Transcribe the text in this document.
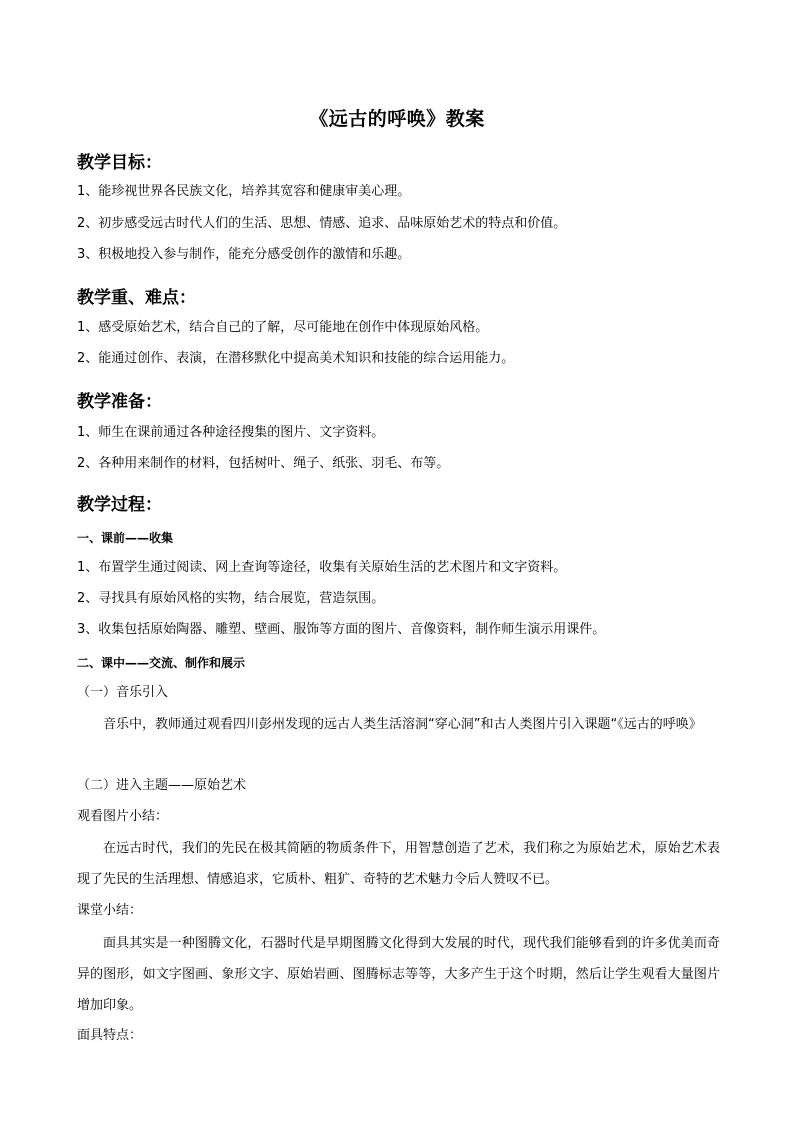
《远古的呼唤》教案
教学目标：

1、能珍视世界各民族文化，培养其宽容和健康审美心理。

2、初步感受远古时代人们的生活、思想、情感、追求、品味原始艺术的特点和价值。

3、积极地投入参与制作，能充分感受创作的激情和乐趣。

教学重、难点：

1、感受原始艺术，结合自己的了解，尽可能地在创作中体现原始风格。

2、能通过创作、表演，在潜移默化中提高美术知识和技能的综合运用能力。

教学准备：

1、师生在课前通过各种途径搜集的图片、文字资料。

2、各种用来制作的材料，包括树叶、绳子、纸张、羽毛、布等。

教学过程：
一、课前——收集

1、布置学生通过阅读、网上查询等途径，收集有关原始生活的艺术图片和文字资料。

2、寻找具有原始风格的实物，结合展览，营造氛围。

3、收集包括原始陶器、雕塑、壁画、服饰等方面的图片、音像资料，制作师生演示用课件。

二、课中——交流、制作和展示

（一）音乐引入

音乐中，教师通过观看四川彭州发现的远古人类生活溶洞“穿心洞”和古人类图片引入课题“《远古的呼唤》

（二）进入主题——原始艺术

观看图片小结：

在远古时代，我们的先民在极其简陋的物质条件下，用智慧创造了艺术，我们称之为原始艺术，原始艺术表现了先民的生活理想、情感追求，它质朴、粗犷、奇特的艺术魅力令后人赞叹不已。

课堂小结：

面具其实是一种图腾文化，石器时代是早期图腾文化得到大发展的时代，现代我们能够看到的许多优美而奇异的图形，如文字图画、象形文字、原始岩画、图腾标志等等，大多产生于这个时期，然后让学生观看大量图片增加印象。

面具特点：
